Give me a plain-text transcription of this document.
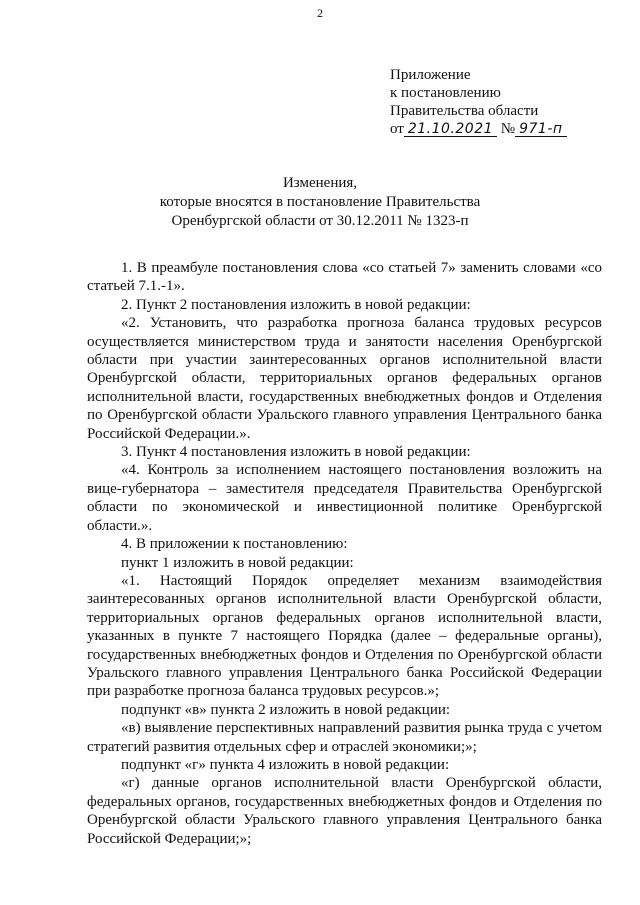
2
Приложение
к постановлению
Правительства области
от 21.10.2021 № 971-п
Изменения,
которые вносятся в постановление Правительства
Оренбургской области от 30.12.2011 № 1323-п

1. В преамбуле постановления слова «со статьей 7» заменить словами «со статьей 7.1.-1».

2. Пункт 2 постановления изложить в новой редакции:

«2. Установить, что разработка прогноза баланса трудовых ресурсов осуществляется министерством труда и занятости населения Оренбургской области при участии заинтересованных органов исполнительной власти Оренбургской области, территориальных органов федеральных органов исполнительной власти, государственных внебюджетных фондов и Отделения по Оренбургской области Уральского главного управления Центрального банка Российской Федерации.».

3. Пункт 4 постановления изложить в новой редакции:

«4. Контроль за исполнением настоящего постановления возложить на вице-губернатора – заместителя председателя Правительства Оренбургской области по экономической и инвестиционной политике Оренбургской области.».

4. В приложении к постановлению:

пункт 1 изложить в новой редакции:

«1. Настоящий Порядок определяет механизм взаимодействия заинтересованных органов исполнительной власти Оренбургской области, территориальных органов федеральных органов исполнительной власти, указанных в пункте 7 настоящего Порядка (далее – федеральные органы), государственных внебюджетных фондов и Отделения по Оренбургской области Уральского главного управления Центрального банка Российской Федерации при разработке прогноза баланса трудовых ресурсов.»;

подпункт «в» пункта 2 изложить в новой редакции:

«в) выявление перспективных направлений развития рынка труда с учетом стратегий развития отдельных сфер и отраслей экономики;»;

подпункт «г» пункта 4 изложить в новой редакции:

«г) данные органов исполнительной власти Оренбургской области, федеральных органов, государственных внебюджетных фондов и Отделения по Оренбургской области Уральского главного управления Центрального банка Российской Федерации;»;
